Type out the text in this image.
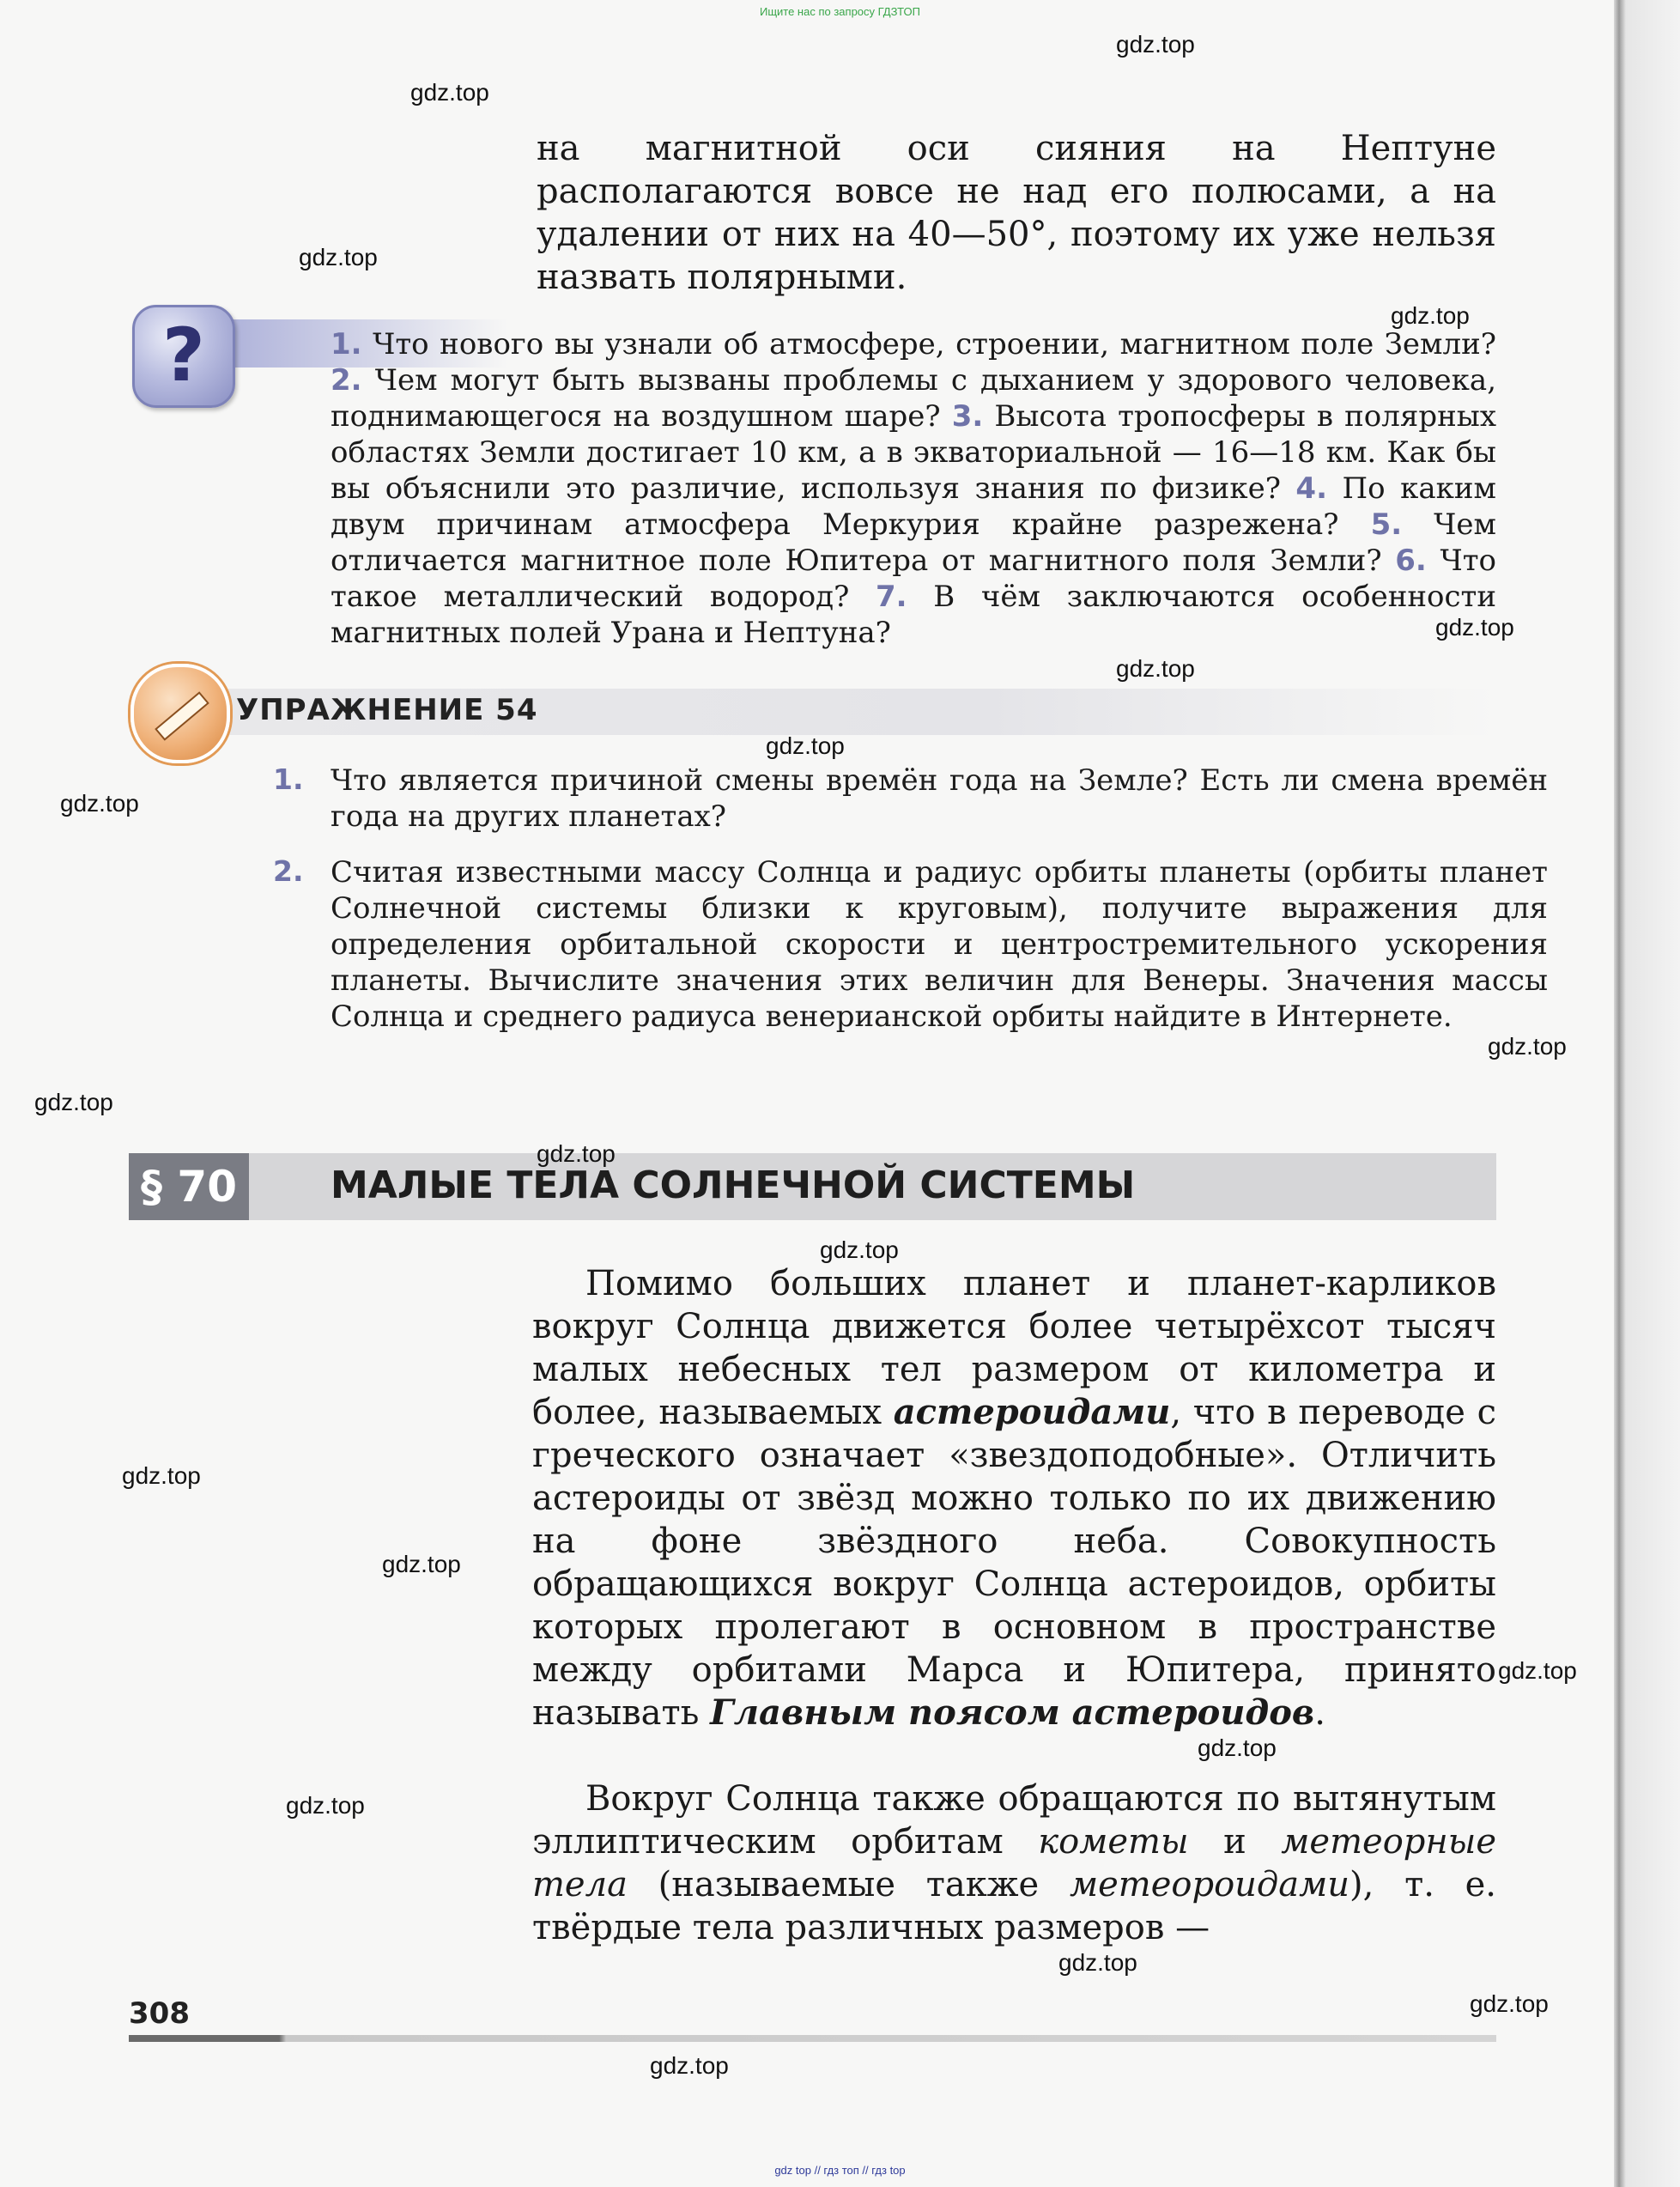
Ищите нас по запросу ГДЗТОП
на магнитной оси сияния на Нептуне располагаются вовсе не над его полюсами, а на удалении от них на 40—50°, поэтому их уже нельзя назвать полярными.
?	1. Что нового вы узнали об атмосфере, строении, магнитном поле Земли? 2. Чем могут быть вызваны проблемы с дыханием у здорового человека, поднимающегося на воздушном шаре? 3. Высота тропосферы в полярных областях Земли достигает 10 км, а в экваториальной — 16—18 км. Как бы вы объяснили это различие, используя знания по физике? 4. По каким двум причинам атмосфера Меркурия крайне разрежена? 5. Чем отличается магнитное поле Юпитера от магнитного поля Земли? 6. Что такое металлический водород? 7. В чём заключаются особенности магнитных полей Урана и Нептуна?
УПРАЖНЕНИЕ 54
1. Что является причиной смены времён года на Земле? Есть ли смена времён года на других планетах?
2. Считая известными массу Солнца и радиус орбиты планеты (орбиты планет Солнечной системы близки к круговым), получите выражения для определения орбитальной скорости и центростремительного ускорения планеты. Вычислите значения этих величин для Венеры. Значения массы Солнца и среднего радиуса венерианской орбиты найдите в Интернете.
§ 70	МАЛЫЕ ТЕЛА СОЛНЕЧНОЙ СИСТЕМЫ
Помимо больших планет и планет-карликов вокруг Солнца движется более четырёхсот тысяч малых небесных тел размером от километра и более, называемых астероидами, что в переводе с греческого означает «звездоподобные». Отличить астероиды от звёзд можно только по их движению на фоне звёздного неба. Совокупность обращающихся вокруг Солнца астероидов, орбиты которых пролегают в основном в пространстве между орбитами Марса и Юпитера, принято называть Главным поясом астероидов.
Вокруг Солнца также обращаются по вытянутым эллиптическим орбитам кометы и метеорные тела (называемые также метеороидами), т. е. твёрдые тела различных размеров —
308
gdz.top
gdz.top
gdz.top
gdz.top
gdz.top
gdz.top
gdz.top
gdz.top
gdz.top
gdz.top
gdz.top
gdz.top
gdz.top
gdz.top
gdz.top
gdz.top
gdz.top
gdz.top
gdz.top
gdz.top
gdz top // гдз топ // гдз top
